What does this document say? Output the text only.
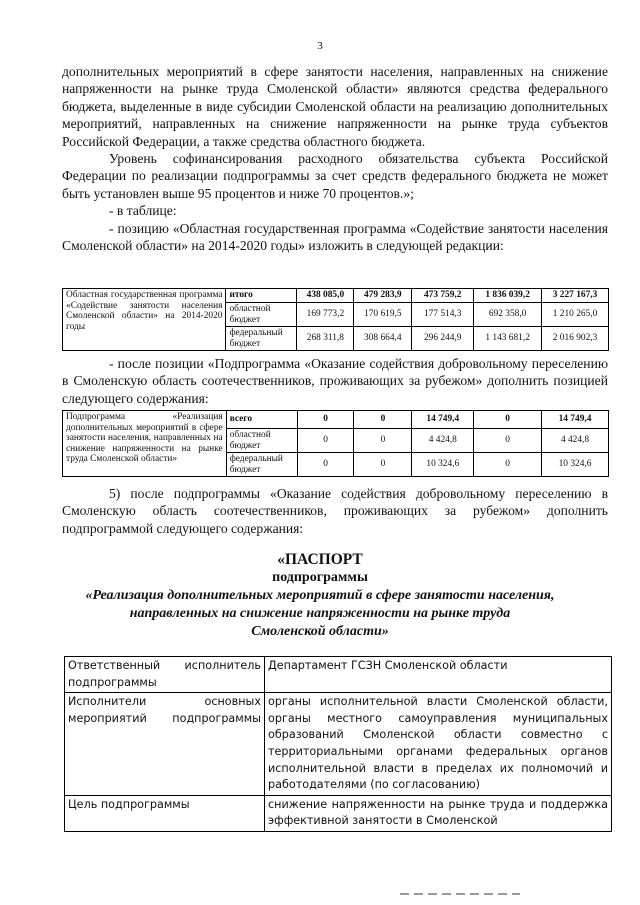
3

дополнительных мероприятий в сфере занятости населения, направленных на снижение напряженности на рынке труда Смоленской области» являются средства федерального бюджета, выделенные в виде субсидии Смоленской области на реализацию дополнительных мероприятий, направленных на снижение напряженности на рынке труда субъектов Российской Федерации, а также средства областного бюджета.

Уровень софинансирования расходного обязательства субъекта Российской Федерации по реализации подпрограммы за счет средств федерального бюджета не может быть установлен выше 95 процентов и ниже 70 процентов.»;

- в таблице:

- позицию «Областная государственная программа «Содействие занятости населения Смоленской области» на 2014-2020 годы» изложить в следующей редакции:

Областная государственная программа «Содействие занятости населения Смоленской области» на 2014-2020 годы	итого	438 085,0	479 283,9	473 759,2	1 836 039,2	3 227 167,3
	областной бюджет	169 773,2	170 619,5	177 514,3	692 358,0	1 210 265,0
	федеральный бюджет	268 311,8	308 664,4	296 244,9	1 143 681,2	2 016 902,3

- после позиции «Подпрограмма «Оказание содействия добровольному переселению в Смоленскую область соотечественников, проживающих за рубежом» дополнить позицией следующего содержания:

Подпрограмма «Реализация дополнительных мероприятий в сфере занятости населения, направленных на снижение напряженности на рынке труда Смоленской области»	всего	0	0	14 749,4	0	14 749,4
	областной бюджет	0	0	4 424,8	0	4 424,8
	федеральный бюджет	0	0	10 324,6	0	10 324,6

5) после подпрограммы «Оказание содействия добровольному переселению в Смоленскую область соотечественников, проживающих за рубежом» дополнить подпрограммой следующего содержания:

«ПАСПОРТ
подпрограммы
«Реализация дополнительных мероприятий в сфере занятости населения,
направленных на снижение напряженности на рынке труда
Смоленской области»
Ответственный исполнитель подпрограммы	Департамент ГСЗН Смоленской области
Исполнители основных мероприятий подпрограммы	органы исполнительной власти Смоленской области, органы местного самоуправления муниципальных образований Смоленской области совместно с территориальными органами федеральных органов исполнительной власти в пределах их полномочий и работодателями (по согласованию)
Цель подпрограммы	снижение напряженности на рынке труда и поддержка эффективной занятости в Смоленской
